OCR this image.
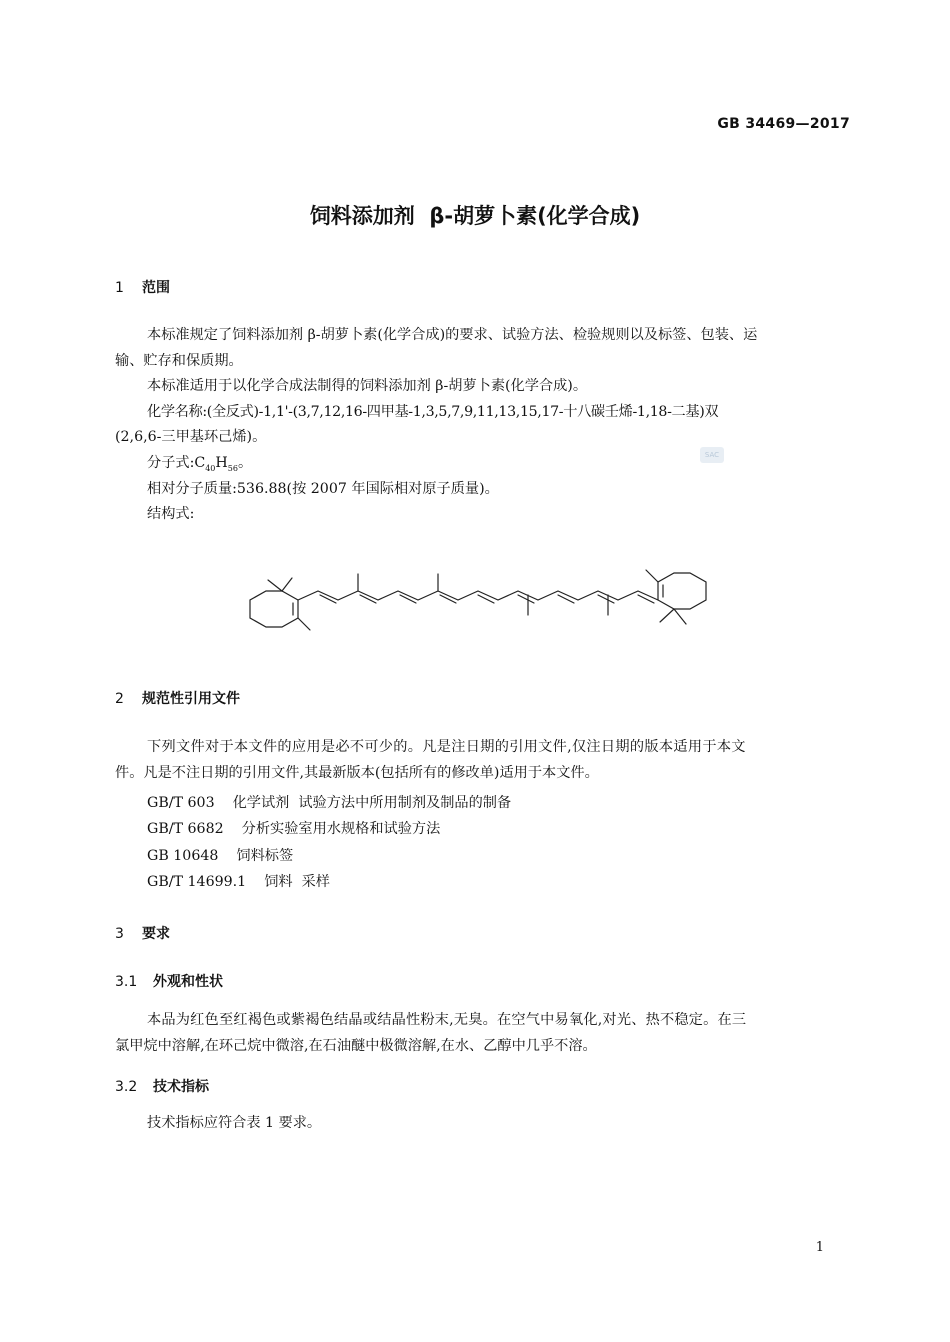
GB 34469—2017
饲料添加剂  β-胡萝卜素(化学合成)
1 范围
本标准规定了饲料添加剂 β-胡萝卜素(化学合成)的要求、试验方法、检验规则以及标签、包装、运
输、贮存和保质期。
本标准适用于以化学合成法制得的饲料添加剂 β-胡萝卜素(化学合成)。
化学名称:(全反式)-1,1'-(3,7,12,16-四甲基-1,3,5,7,9,11,13,15,17-十八碳壬烯-1,18-二基)双
(2,6,6-三甲基环己烯)。
分子式$:C_{40}H_{56}$。	SAC
相对分子质量:536.88(按 2007 年国际相对原子质量)。
结构式:
2 规范性引用文件
下列文件对于本文件的应用是必不可少的。凡是注日期的引用文件,仅注日期的版本适用于本文
件。凡是不注日期的引用文件,其最新版本(包括所有的修改单)适用于本文件。
GB/T 603 化学试剂  试验方法中所用制剂及制品的制备
GB/T 6682 分析实验室用水规格和试验方法
GB 10648 饲料标签
GB/T 14699.1 饲料  采样
3 要求
3.1 外观和性状
本品为红色至红褐色或紫褐色结晶或结晶性粉末,无臭。在空气中易氧化,对光、热不稳定。在三
氯甲烷中溶解,在环己烷中微溶,在石油醚中极微溶解,在水、乙醇中几乎不溶。
3.2 技术指标
技术指标应符合表 1 要求。
1
